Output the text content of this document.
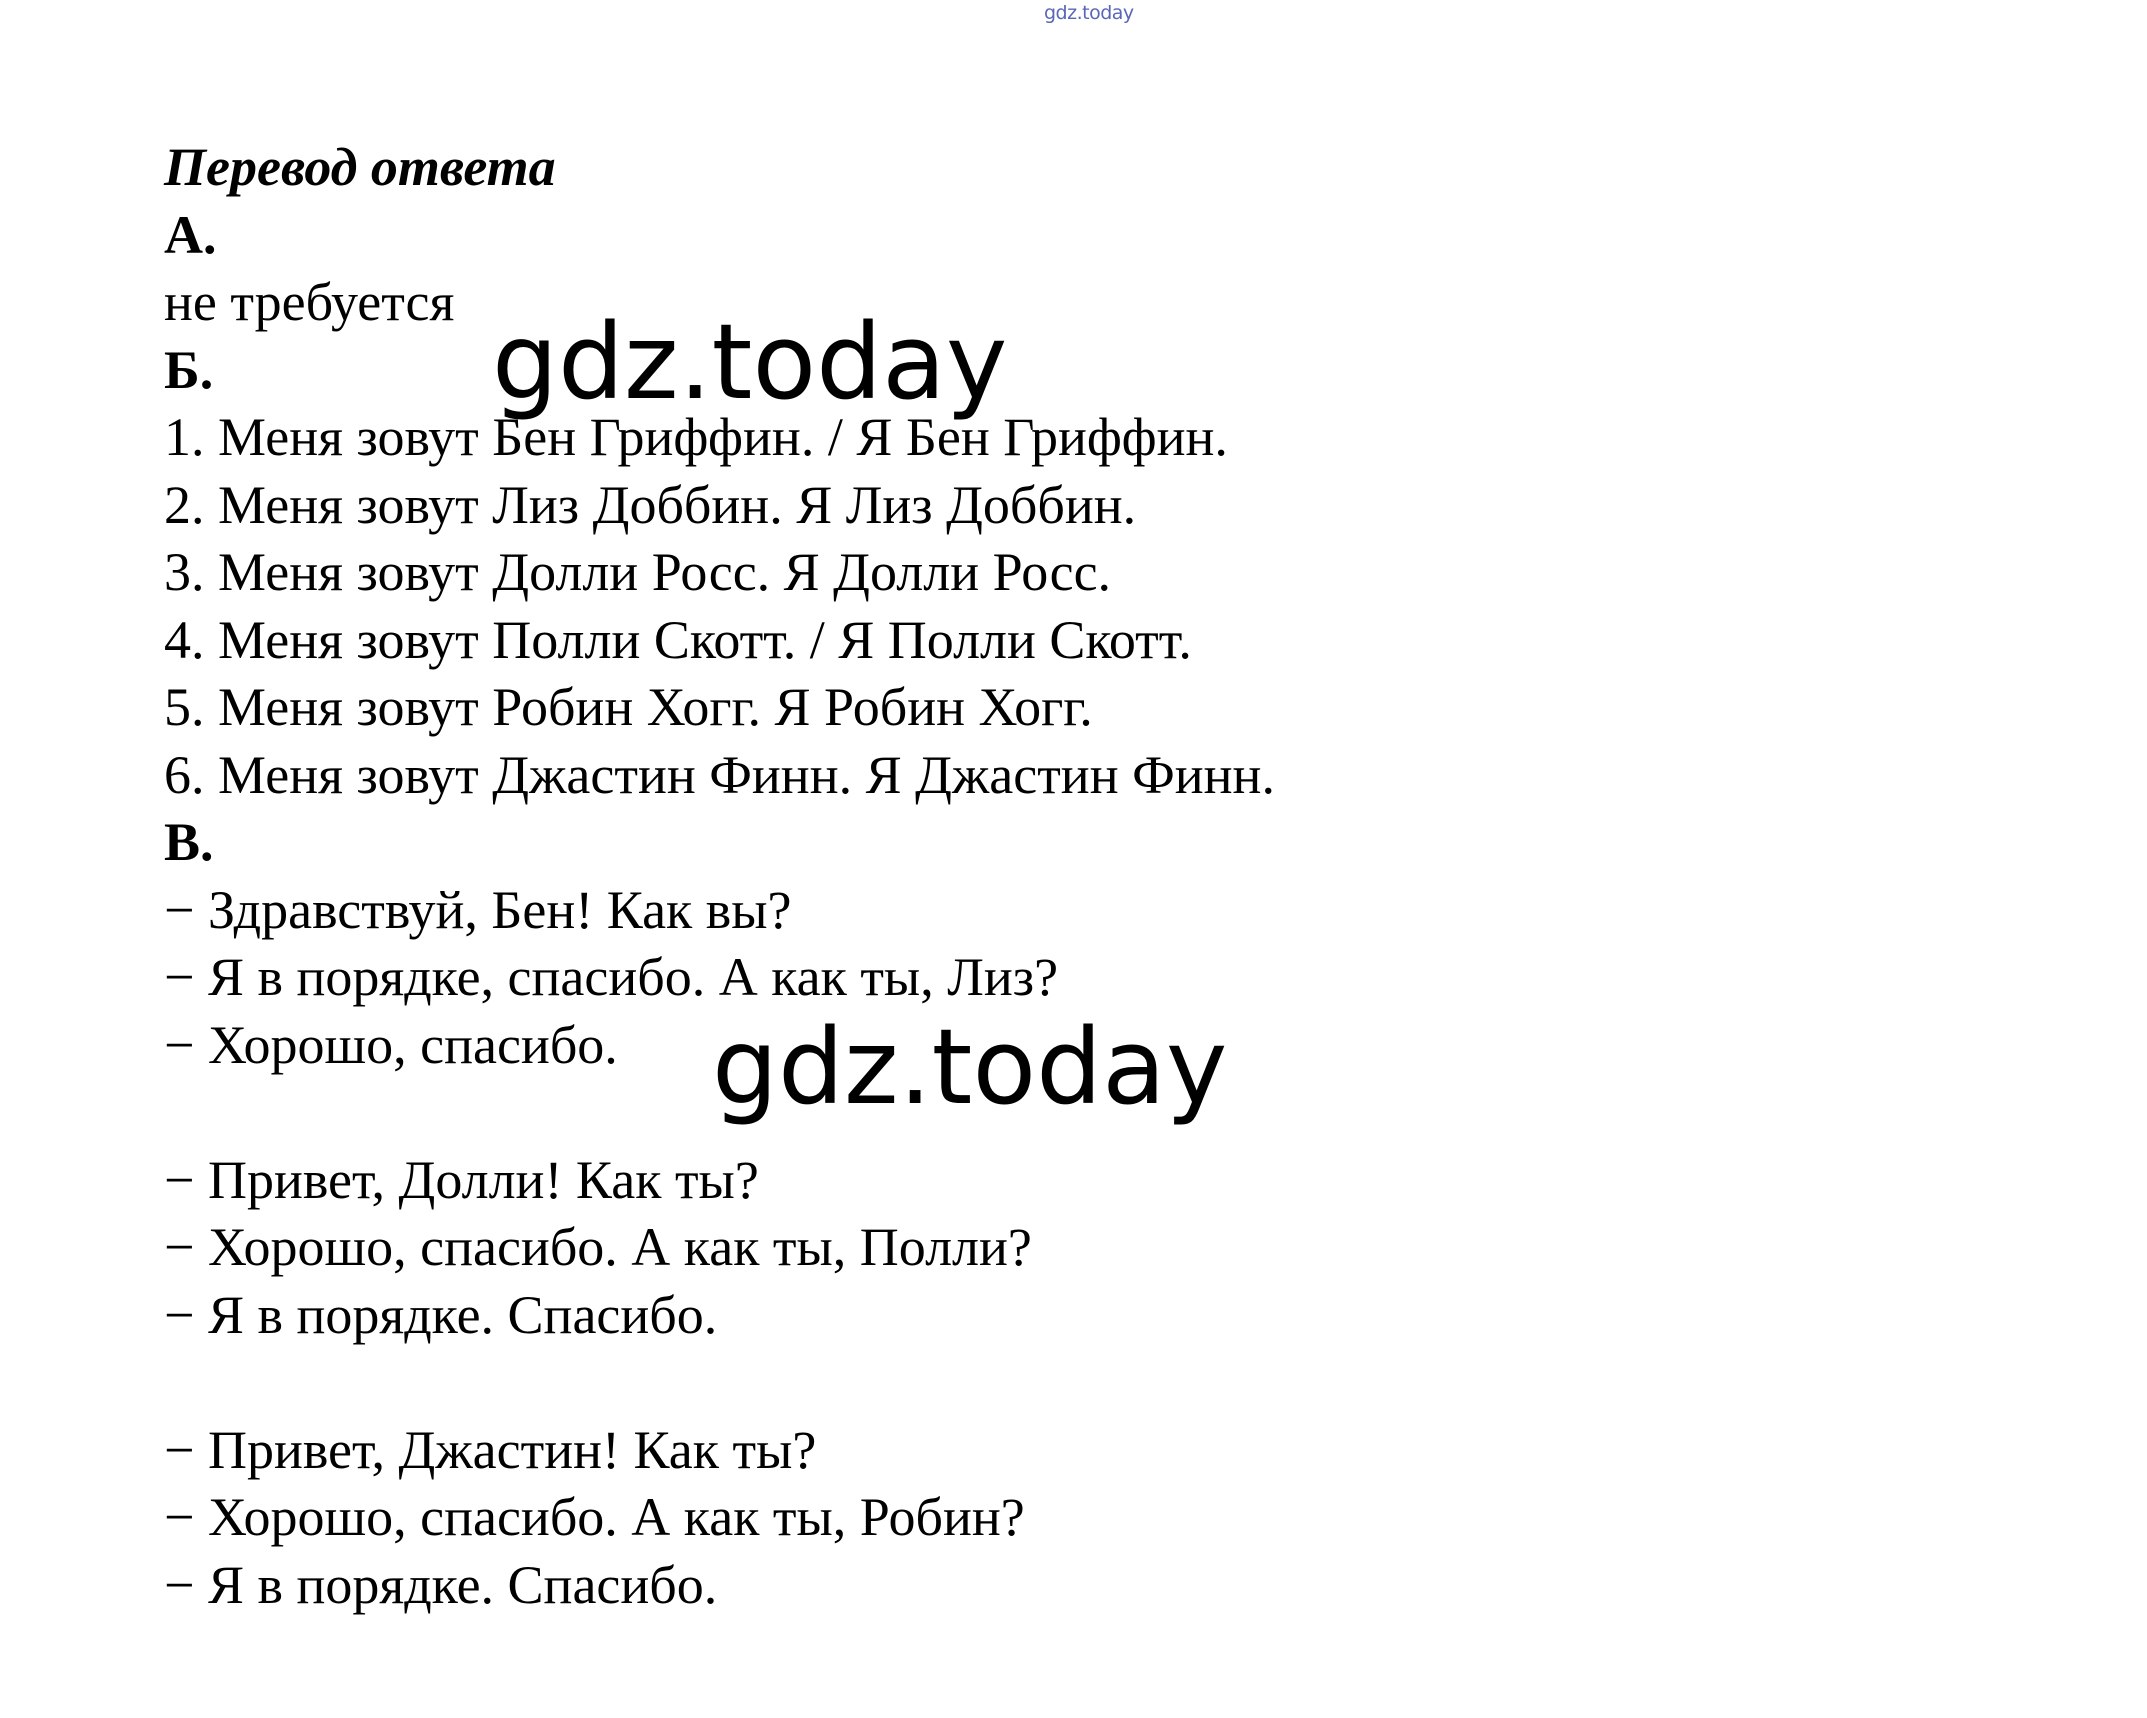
gdz.today
Перевод ответа
А.
не требуется
Б.
1. Меня зовут Бен Гриффин. / Я Бен Гриффин.
2. Меня зовут Лиз Доббин. Я Лиз Доббин.
3. Меня зовут Долли Росс. Я Долли Росс.
4. Меня зовут Полли Скотт. / Я Полли Скотт.
5. Меня зовут Робин Хогг. Я Робин Хогг.
6. Меня зовут Джастин Финн. Я Джастин Финн.
В.
− Здравствуй, Бен! Как вы?
− Я в порядке, спасибо. А как ты, Лиз?
− Хорошо, спасибо.
− Привет, Долли! Как ты?
− Хорошо, спасибо. А как ты, Полли?
− Я в порядке. Спасибо.
− Привет, Джастин! Как ты?
− Хорошо, спасибо. А как ты, Робин?
− Я в порядке. Спасибо.
gdz.today
gdz.today
